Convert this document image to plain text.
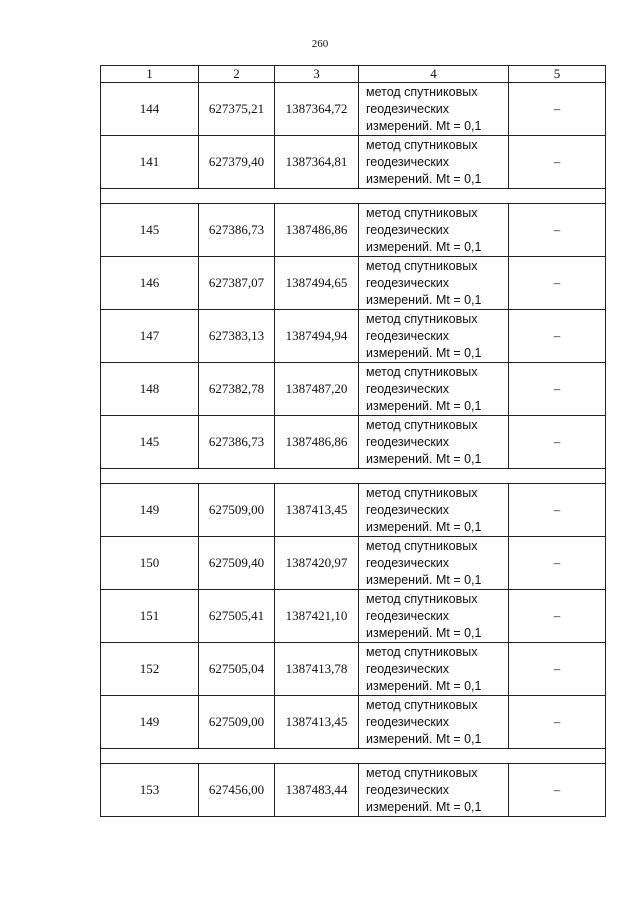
260
1	2	3	4	5
144	627375,21	1387364,72	метод спутниковых
геодезических
измерений. Mt = 0,1	–
141	627379,40	1387364,81	метод спутниковых
геодезических
измерений. Mt = 0,1	–

145	627386,73	1387486,86	метод спутниковых
геодезических
измерений. Mt = 0,1	–
146	627387,07	1387494,65	метод спутниковых
геодезических
измерений. Mt = 0,1	–
147	627383,13	1387494,94	метод спутниковых
геодезических
измерений. Mt = 0,1	–
148	627382,78	1387487,20	метод спутниковых
геодезических
измерений. Mt = 0,1	–
145	627386,73	1387486,86	метод спутниковых
геодезических
измерений. Mt = 0,1	–

149	627509,00	1387413,45	метод спутниковых
геодезических
измерений. Mt = 0,1	–
150	627509,40	1387420,97	метод спутниковых
геодезических
измерений. Mt = 0,1	–
151	627505,41	1387421,10	метод спутниковых
геодезических
измерений. Mt = 0,1	–
152	627505,04	1387413,78	метод спутниковых
геодезических
измерений. Mt = 0,1	–
149	627509,00	1387413,45	метод спутниковых
геодезических
измерений. Mt = 0,1	–

153	627456,00	1387483,44	метод спутниковых
геодезических
измерений. Mt = 0,1	–
